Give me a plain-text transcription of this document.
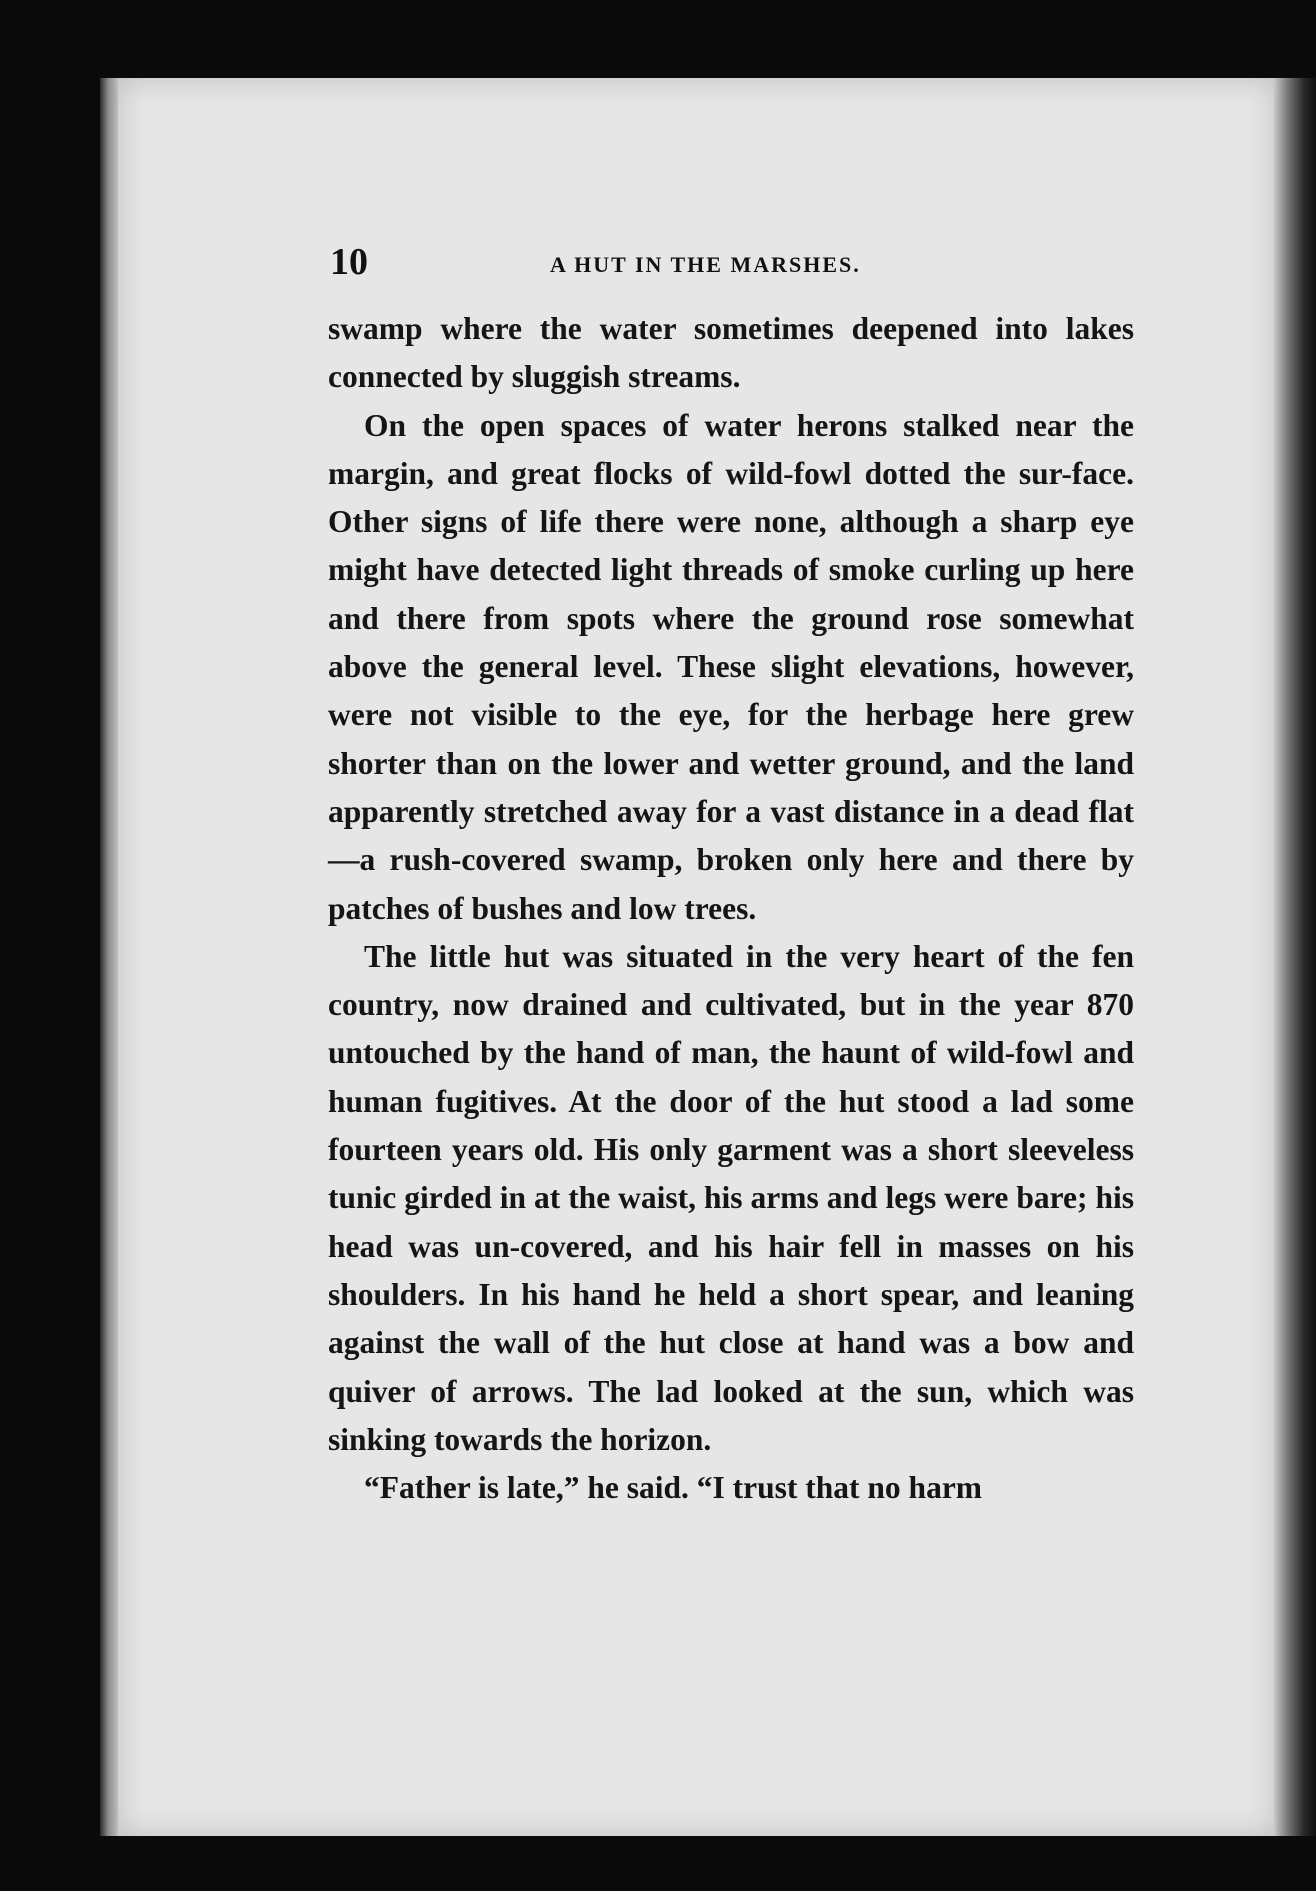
10	A HUT IN THE MARSHES.

swamp where the water sometimes deepened into lakes connected by sluggish streams.

On the open spaces of water herons stalked near the margin, and great flocks of wild-fowl dotted the sur-face. Other signs of life there were none, although a sharp eye might have detected light threads of smoke curling up here and there from spots where the ground rose somewhat above the general level. These slight elevations, however, were not visible to the eye, for the herbage here grew shorter than on the lower and wetter ground, and the land apparently stretched away for a vast distance in a dead flat—a rush-covered swamp, broken only here and there by patches of bushes and low trees.

The little hut was situated in the very heart of the fen country, now drained and cultivated, but in the year 870 untouched by the hand of man, the haunt of wild-fowl and human fugitives. At the door of the hut stood a lad some fourteen years old. His only garment was a short sleeveless tunic girded in at the waist, his arms and legs were bare; his head was un-covered, and his hair fell in masses on his shoulders. In his hand he held a short spear, and leaning against the wall of the hut close at hand was a bow and quiver of arrows. The lad looked at the sun, which was sinking towards the horizon.

“Father is late,” he said. “I trust that no harm
